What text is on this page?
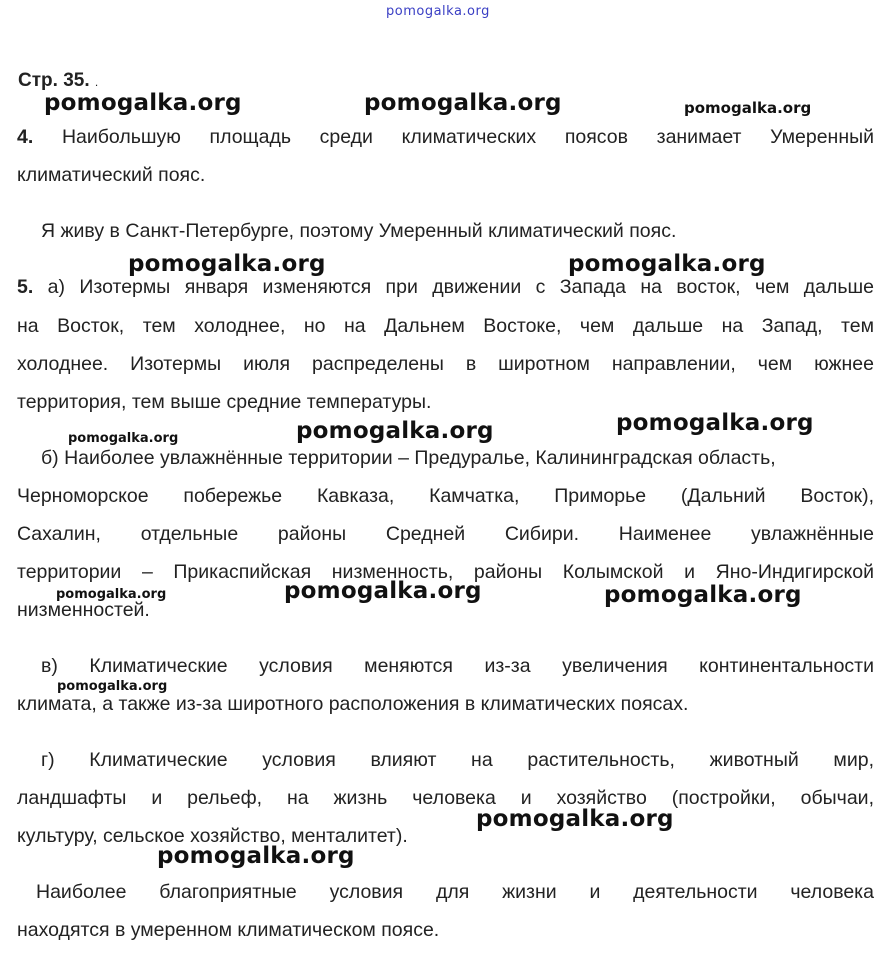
pomogalka.org
Стр. 35. .
4. Наибольшую площадь среди климатических поясов занимает Умеренный
климатический пояс.
Я живу в Санкт-Петербурге, поэтому Умеренный климатический пояс.
5. а) Изотермы января изменяются при движении с Запада на восток, чем дальше
на Восток, тем холоднее, но на Дальнем Востоке, чем дальше на Запад, тем
холоднее. Изотермы июля распределены в широтном направлении, чем южнее
территория, тем выше средние температуры.
б) Наиболее увлажнённые территории – Предуралье, Калининградская область,
Черноморское побережье Кавказа, Камчатка, Приморье (Дальний Восток),
Сахалин, отдельные районы Средней Сибири. Наименее увлажнённые
территории – Прикаспийская низменность, районы Колымской и Яно-Индигирской
низменностей.
в) Климатические условия меняются из-за увеличения континентальности
климата, а также из-за широтного расположения в климатических поясах.
г) Климатические условия влияют на растительность, животный мир,
ландшафты и рельеф, на жизнь человека и хозяйство (постройки, обычаи,
культуру, сельское хозяйство, менталитет).
Наиболее благоприятные условия для жизни и деятельности человека
находятся в умеренном климатическом поясе.
pomogalka.org	pomogalka.org	pomogalka.org
pomogalka.org	pomogalka.org
pomogalka.org	pomogalka.org	pomogalka.org
pomogalka.org	pomogalka.org	pomogalka.org
pomogalka.org
pomogalka.org
pomogalka.org
